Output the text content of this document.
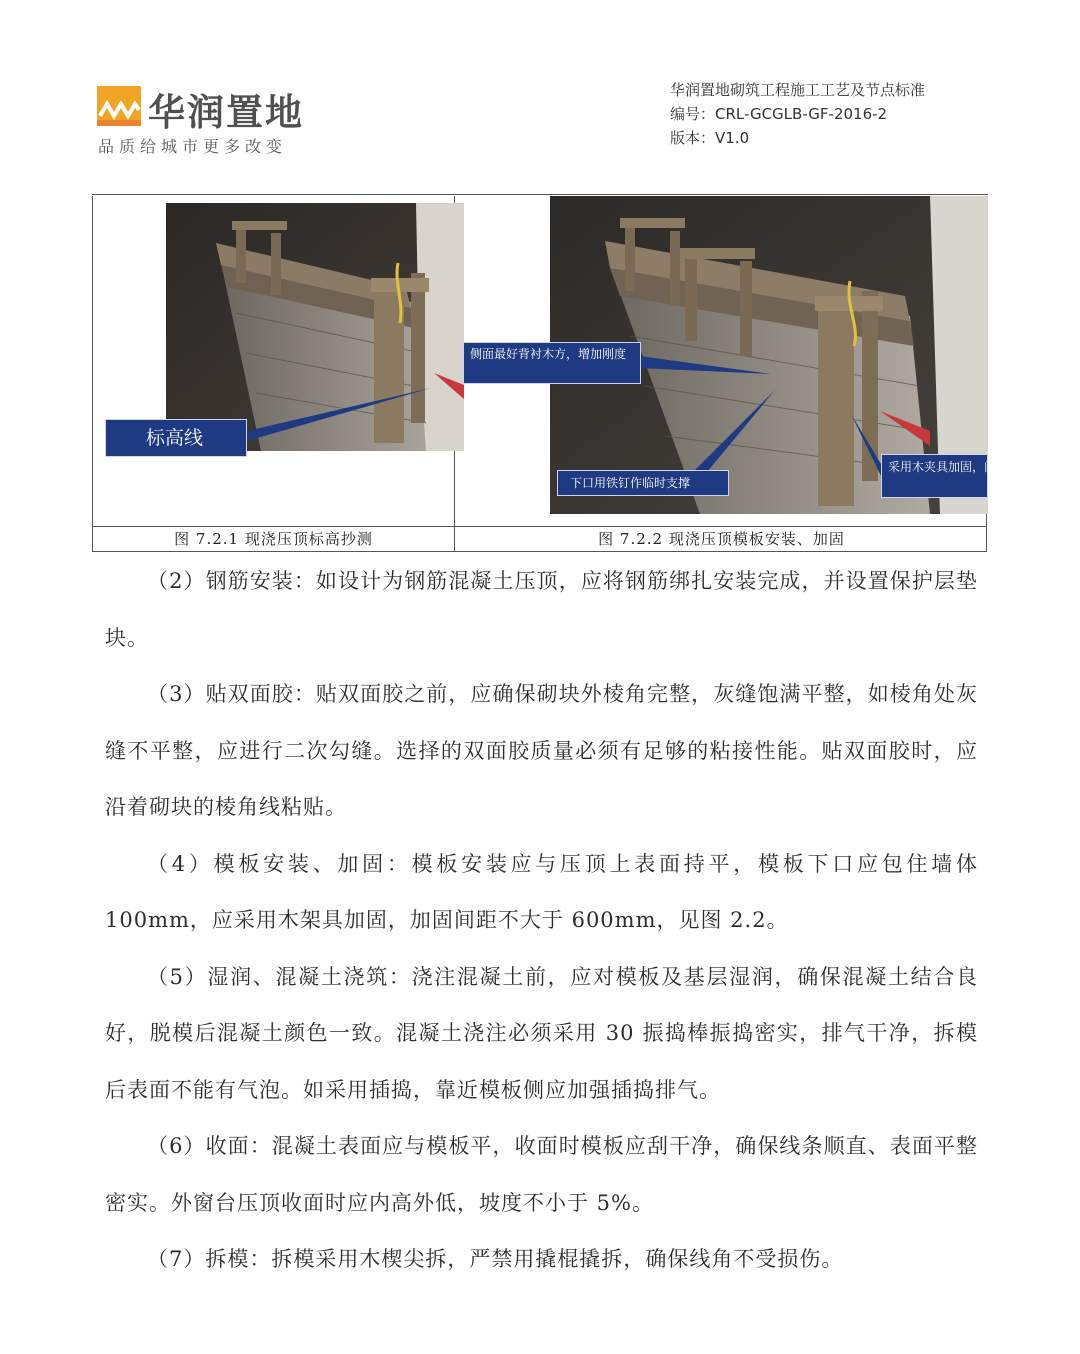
华润置地
品质给城市更多改变
华润置地砌筑工程施工工艺及节点标准
编号：CRL-GCGLB-GF-2016-2
版本：V1.0
标高线
侧面最好背衬木方，增加刚度
下口用铁钉作临时支撑
采用木夹具加固，间距不得大于6
图 7.2.1 现浇压顶标高抄测	图 7.2.2 现浇压顶模板安装、加固

（2）钢筋安装：如设计为钢筋混凝土压顶，应将钢筋绑扎安装完成，并设置保护层垫块。

（3）贴双面胶：贴双面胶之前，应确保砌块外棱角完整，灰缝饱满平整，如棱角处灰缝不平整，应进行二次勾缝。选择的双面胶质量必须有足够的粘接性能。贴双面胶时，应沿着砌块的棱角线粘贴。

（4）模板安装、加固：模板安装应与压顶上表面持平，模板下口应包住墙体 100mm，应采用木架具加固，加固间距不大于 600mm，见图 2.2。

（5）湿润、混凝土浇筑：浇注混凝土前，应对模板及基层湿润，确保混凝土结合良好，脱模后混凝土颜色一致。混凝土浇注必须采用 30 振捣棒振捣密实，排气干净，拆模后表面不能有气泡。如采用插捣，靠近模板侧应加强插捣排气。

（6）收面：混凝土表面应与模板平，收面时模板应刮干净，确保线条顺直、表面平整密实。外窗台压顶收面时应内高外低，坡度不小于 5%。

（7）拆模：拆模采用木楔尖拆，严禁用撬棍撬拆，确保线角不受损伤。
